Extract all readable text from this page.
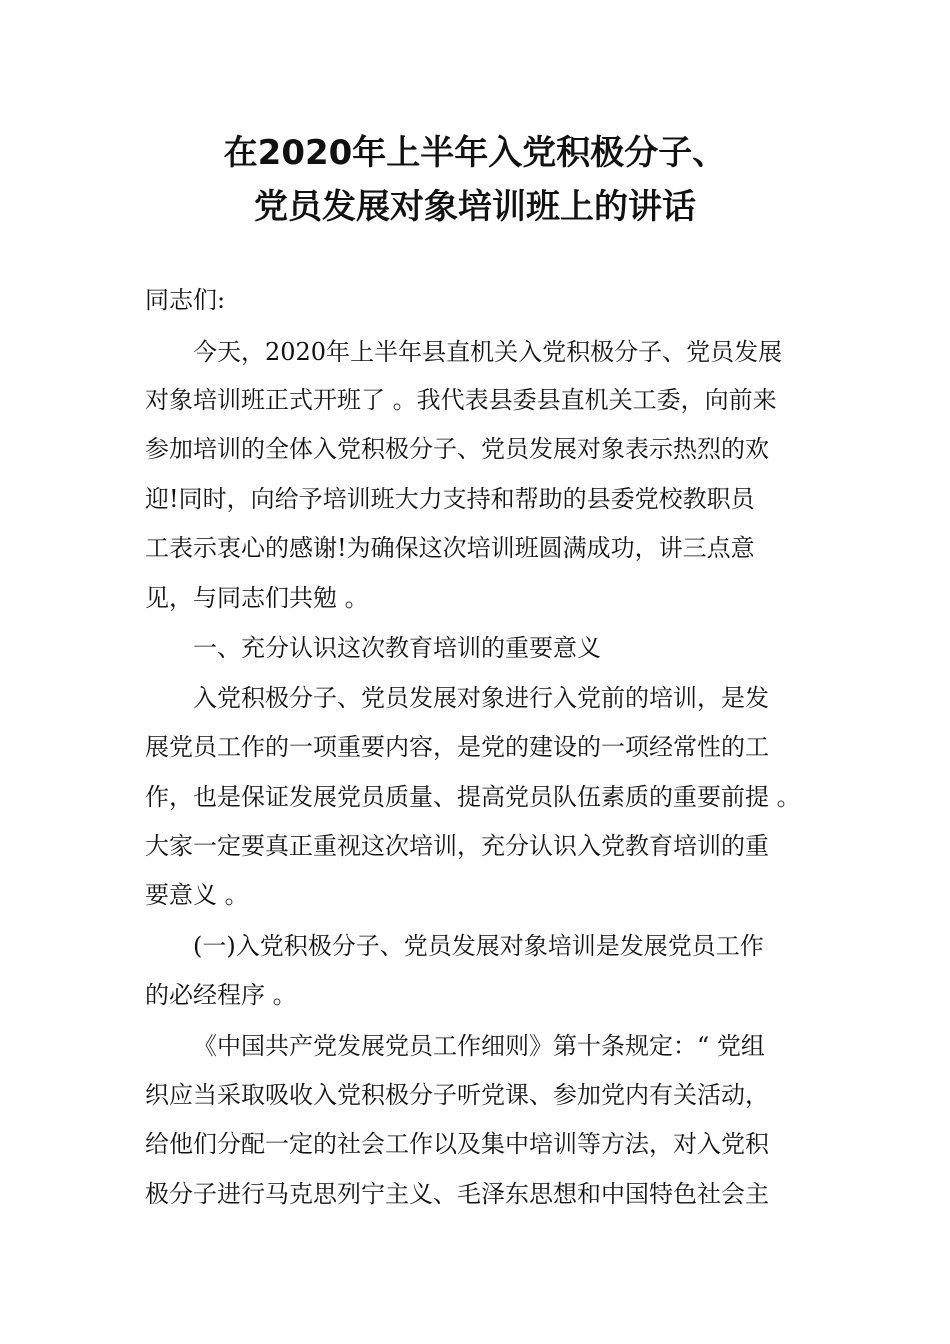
在2020年上半年入党积极分子、
党员发展对象培训班上的讲话
同志们:
今天，2020年上半年县直机关入党积极分子、党员发展
对象培训班正式开班了 。我代表县委县直机关工委，向前来
参加培训的全体入党积极分子、党员发展对象表示热烈的欢
迎!同时，向给予培训班大力支持和帮助的县委党校教职员
工表示衷心的感谢!为确保这次培训班圆满成功，讲三点意
见，与同志们共勉 。
一、充分认识这次教育培训的重要意义
入党积极分子、党员发展对象进行入党前的培训，是发
展党员工作的一项重要内容，是党的建设的一项经常性的工
作，也是保证发展党员质量、提高党员队伍素质的重要前提 。
大家一定要真正重视这次培训，充分认识入党教育培训的重
要意义 。
(一)入党积极分子、党员发展对象培训是发展党员工作
的必经程序 。
《中国共产党发展党员工作细则》第十条规定：“ 党组
织应当采取吸收入党积极分子听党课、参加党内有关活动，
给他们分配一定的社会工作以及集中培训等方法，对入党积
极分子进行马克思列宁主义、毛泽东思想和中国特色社会主
